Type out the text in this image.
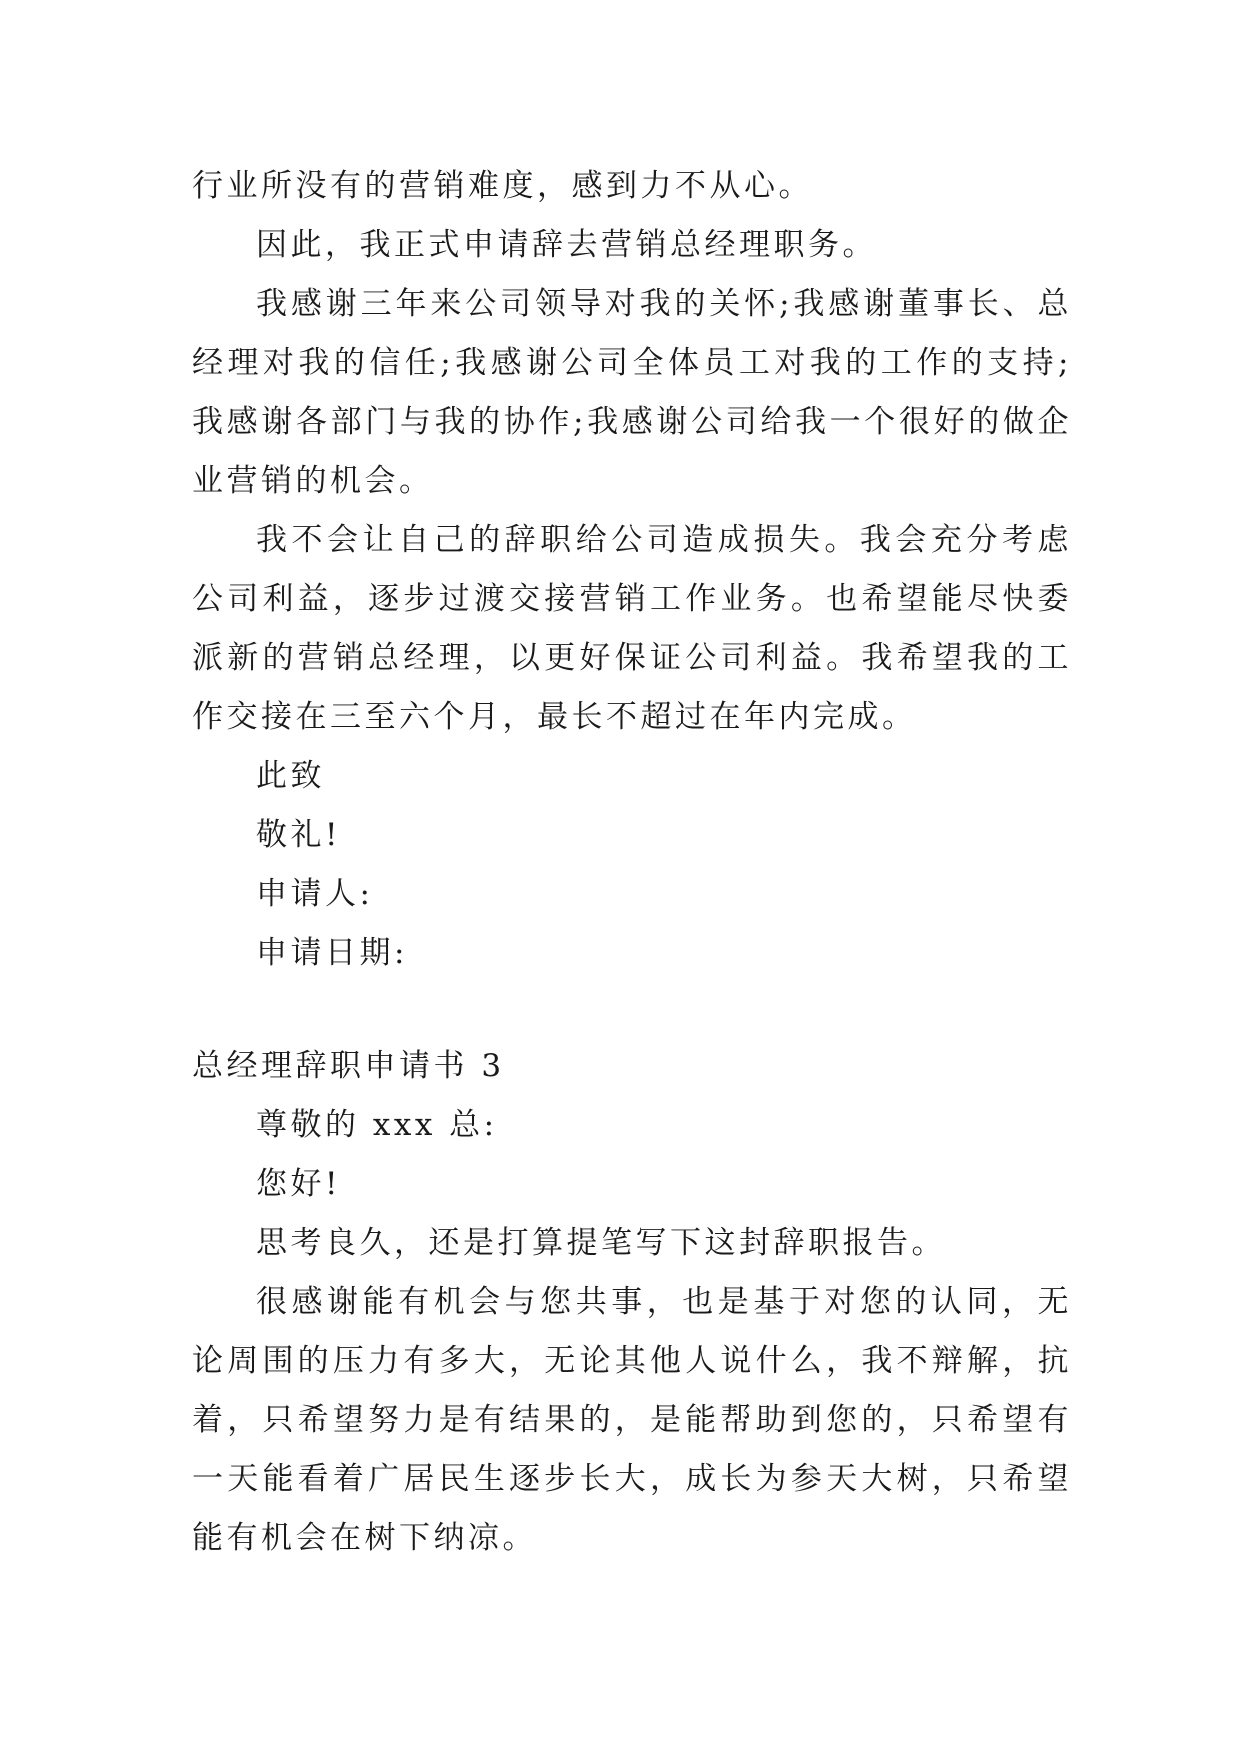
行业所没有的营销难度，感到力不从心。

因此，我正式申请辞去营销总经理职务。

我感谢三年来公司领导对我的关怀;我感谢董事长、总经理对我的信任;我感谢公司全体员工对我的工作的支持;我感谢各部门与我的协作;我感谢公司给我一个很好的做企业营销的机会。

我不会让自己的辞职给公司造成损失。我会充分考虑公司利益，逐步过渡交接营销工作业务。也希望能尽快委派新的营销总经理，以更好保证公司利益。我希望我的工作交接在三至六个月，最长不超过在年内完成。

此致

敬礼!

申请人:

申请日期:

总经理辞职申请书 3

尊敬的 xxx 总:

您好!

思考良久，还是打算提笔写下这封辞职报告。

很感谢能有机会与您共事，也是基于对您的认同，无论周围的压力有多大，无论其他人说什么，我不辩解，抗着，只希望努力是有结果的，是能帮助到您的，只希望有一天能看着广居民生逐步长大，成长为参天大树，只希望能有机会在树下纳凉。
